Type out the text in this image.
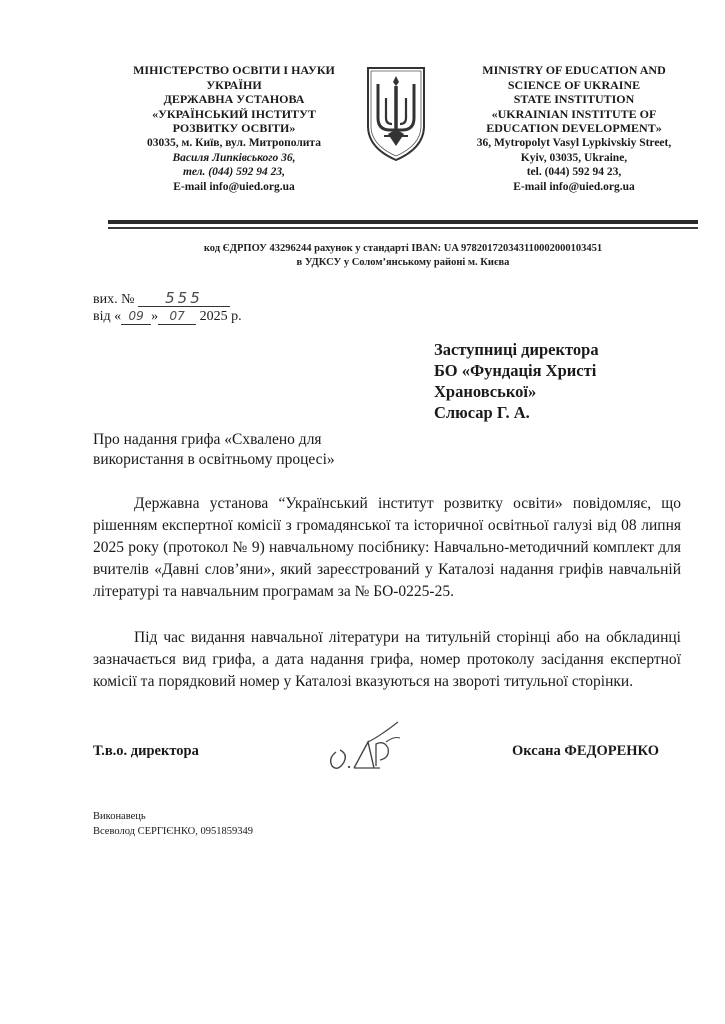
МІНІСТЕРСТВО ОСВІТИ І НАУКИ
УКРАЇНИ
ДЕРЖАВНА УСТАНОВА
«УКРАЇНСЬКИЙ ІНСТИТУТ
РОЗВИТКУ ОСВІТИ»
03035, м. Київ, вул. Митрополита
Василя Липківського 36,
тел. (044) 592 94 23,
E-mail info@uied.org.ua
MINISTRY OF EDUCATION AND
SCIENCE OF UKRAINE
STATE INSTITUTION
«UKRAINIAN INSTITUTE OF
EDUCATION DEVELOPMENT»
36, Mytropolyt Vasyl Lypkivskiy Street,
Kyiv, 03035, Ukraine,
tel. (044) 592 94 23,
E-mail info@uied.org.ua
код ЄДРПОУ 43296244 рахунок у стандарті IBAN: UA 978201720343110002000103451
в УДКСУ у Солом’янському районі м. Києва
вих. № 555
від « 09 » 07 2025 р.
Заступниці директора
БО «Фундація Христі
Храновської»
Слюсар Г. А.
Про надання грифа «Схвалено для
використання в освітньому процесі»
Державна установа “Український інститут розвитку освіти» повідомляє, що рішенням експертної комісії з громадянської та історичної освітньої галузі від 08 липня 2025 року (протокол № 9) навчальному посібнику: Навчально-методичний комплект для вчителів «Давні слов’яни», який зареєстрований у Каталозі надання грифів навчальній літературі та навчальним програмам за № БО-0225-25.
Під час видання навчальної літератури на титульній сторінці або на обкладинці зазначається вид грифа, а дата надання грифа, номер протоколу засідання експертної комісії та порядковий номер у Каталозі вказуються на звороті титульної сторінки.
Т.в.о. директора	Оксана ФЕДОРЕНКО
Виконавець
Всеволод СЕРГІЄНКО, 0951859349
